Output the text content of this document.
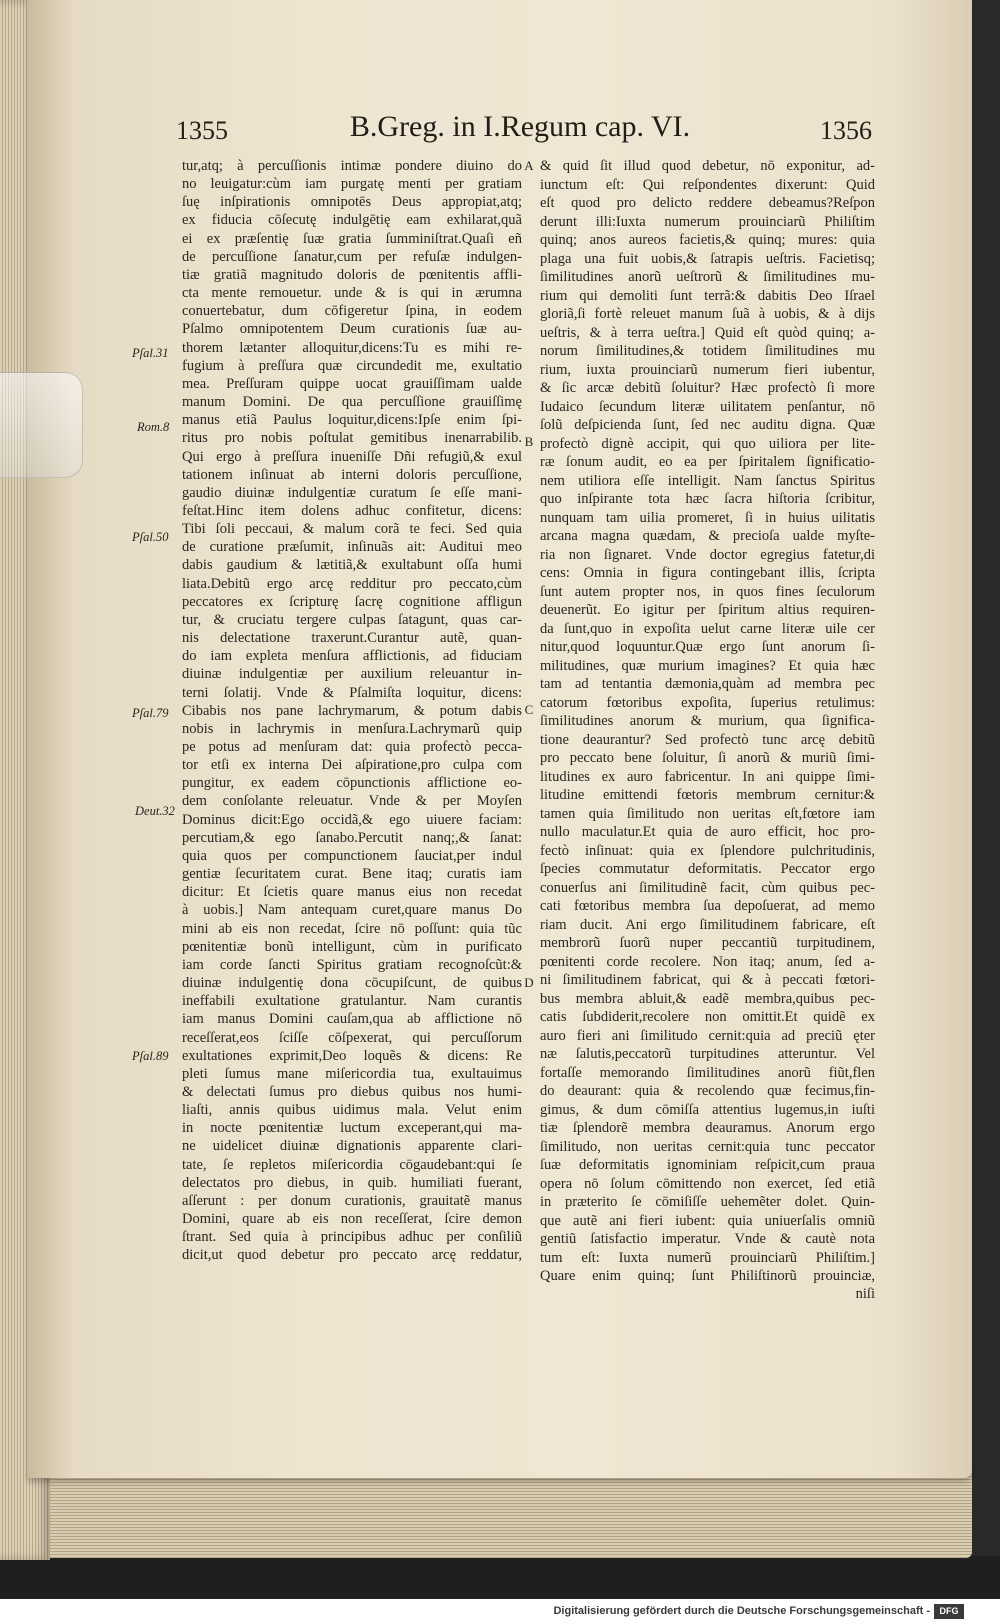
1355	B.Greg. in I.Regum cap. VI.	1356
Pſal.31
Rom.8
Pſal.50
Pſal.79
Deut.32
Pſal.89
tur,atq; à percuſſionis intimæ pondere diuino do
no leuigatur:cùm iam purgatę menti per gratiam
ſuę inſpirationis omnipotēs Deus appropiat,atq;
ex fiducia cōſecutę indulgētię eam exhilarat,quã
ei ex præſentię ſuæ gratia ſumminiſtrat.Quaſi eñ
de percuſſione ſanatur,cum per refuſæ indulgen-
tiæ gratiã magnitudo doloris de pœnitentis affli-
cta mente remouetur. unde & is qui in ærumna
conuertebatur, dum cōfigeretur ſpina, in eodem
Pſalmo omnipotentem Deum curationis ſuæ au-
thorem lætanter alloquitur,dicens:Tu es mihi re-
fugium à preſſura quæ circundedit me, exultatio
mea. Preſſuram quippe uocat grauiſſimam ualde
manum Domini. De qua percuſſione grauiſſimę
manus etiã Paulus loquitur,dicens:Ipſe enim ſpi-
ritus pro nobis poſtulat gemitibus inenarrabilib.
Qui ergo à preſſura inueniſſe Dñi refugiũ,& exul
tationem inſinuat ab interni doloris percuſſione,
gaudio diuinæ indulgentiæ curatum ſe eſſe mani-
feſtat.Hinc item dolens adhuc confitetur, dicens:
Tibi ſoli peccaui, & malum corã te feci. Sed quia
de curatione præſumit, inſinuãs ait: Auditui meo
dabis gaudium & lætitiã,& exultabunt oſſa humi
liata.Debitũ ergo arcę redditur pro peccato,cùm
peccatores ex ſcripturę ſacrę cognitione affligun
tur, & cruciatu tergere culpas ſatagunt, quas car-
nis delectatione traxerunt.Curantur autẽ, quan-
do iam expleta menſura afflictionis, ad fiduciam
diuinæ indulgentiæ per auxilium releuantur in-
terni ſolatij. Vnde & Pſalmiſta loquitur, dicens:
Cibabis nos pane lachrymarum, & potum dabis
nobis in lachrymis in menſura.Lachrymarũ quip
pe potus ad menſuram dat: quia profectò pecca-
tor etſi ex interna Dei aſpiratione,pro culpa com
pungitur, ex eadem cōpunctionis afflictione eo-
dem conſolante releuatur. Vnde & per Moyſen
Dominus dicit:Ego occidã,& ego uiuere faciam:
percutiam,& ego ſanabo.Percutit nanq;,& ſanat:
quia quos per compunctionem ſauciat,per indul
gentiæ ſecuritatem curat. Bene itaq; curatis iam
dicitur: Et ſcietis quare manus eius non recedat
à uobis.] Nam antequam curet,quare manus Do
mini ab eis non recedat, ſcire nō poſſunt: quia tũc
pœnitentiæ bonũ intelligunt, cùm in purificato
iam corde ſancti Spiritus gratiam recognoſcũt:&
diuinæ indulgentię dona cōcupiſcunt, de quibus
ineffabili exultatione gratulantur. Nam curantis
iam manus Domini cauſam,qua ab afflictione nō
receſſerat,eos ſciſſe cōſpexerat, qui percuſſorum
exultationes exprimit,Deo loquẽs & dicens: Re
pleti ſumus mane miſericordia tua, exultauimus
& delectati ſumus pro diebus quibus nos humi-
liaſti, annis quibus uidimus mala. Velut enim
in nocte pœnitentiæ luctum exceperant,qui ma-
ne uidelicet diuinæ dignationis apparente clari-
tate, ſe repletos miſericordia cōgaudebant:qui ſe
delectatos pro diebus, in quib. humiliati fuerant,
aſſerunt : per donum curationis, grauitatẽ manus
Domini, quare ab eis non receſſerat, ſcire demon
ſtrant. Sed quia à principibus adhuc per conſiliũ
dicit,ut quod debetur pro peccato arcę reddatur,
A
B
C
D
& quid ſit illud quod debetur, nō exponitur, ad-
iunctum eſt: Qui reſpondentes dixerunt: Quid
eſt quod pro delicto reddere debeamus?Reſpon
derunt illi:Iuxta numerum prouinciarũ Philiſtim
quinq; anos aureos facietis,& quinq; mures: quia
plaga una fuit uobis,& ſatrapis ueſtris. Facietisq;
ſimilitudines anorũ ueſtrorũ & ſimilitudines mu-
rium qui demoliti ſunt terrã:& dabitis Deo Iſrael
gloriã,ſi fortè releuet manum ſuã à uobis, & à dijs
ueſtris, & à terra ueſtra.] Quid eſt quòd quinq; a-
norum ſimilitudines,& totidem ſimilitudines mu
rium, iuxta prouinciarũ numerum fieri iubentur,
& ſic arcæ debitũ ſoluitur? Hæc profectò ſi more
Iudaico ſecundum literæ uilitatem penſantur, nō
ſolũ deſpicienda ſunt, ſed nec auditu digna. Quæ
profectò dignè accipit, qui quo uiliora per lite-
ræ ſonum audit, eo ea per ſpiritalem ſignificatio-
nem utiliora eſſe intelligit. Nam ſanctus Spiritus
quo inſpirante tota hæc ſacra hiſtoria ſcribitur,
nunquam tam uilia promeret, ſi in huius uilitatis
arcana magna quædam, & precioſa ualde myſte-
ria non ſignaret. Vnde doctor egregius fatetur,di
cens: Omnia in figura contingebant illis, ſcripta
ſunt autem propter nos, in quos fines ſeculorum
deuenerũt. Eo igitur per ſpiritum altius requiren-
da ſunt,quo in expoſita uelut carne literæ uile cer
nitur,quod loquuntur.Quæ ergo ſunt anorum ſi-
militudines, quæ murium imagines? Et quia hæc
tam ad tentantia dæmonia,quàm ad membra pec
catorum fœtoribus expoſita, ſuperius retulimus:
ſimilitudines anorum & murium, qua ſignifica-
tione deaurantur? Sed profectò tunc arcę debitũ
pro peccato bene ſoluitur, ſi anorũ & muriũ ſimi-
litudines ex auro fabricentur. In ani quippe ſimi-
litudine emittendi fœtoris membrum cernitur:&
tamen quia ſimilitudo non ueritas eſt,fœtore iam
nullo maculatur.Et quia de auro efficit, hoc pro-
fectò inſinuat: quia ex ſplendore pulchritudinis,
ſpecies commutatur deformitatis. Peccator ergo
conuerſus ani ſimilitudinẽ facit, cùm quibus pec-
cati fœtoribus membra ſua depoſuerat, ad memo
riam ducit. Ani ergo ſimilitudinem fabricare, eſt
membrorũ ſuorũ nuper peccantiũ turpitudinem,
pœnitenti corde recolere. Non itaq; anum, ſed a-
ni ſimilitudinem fabricat, qui & à peccati fœtori-
bus membra abluit,& eadẽ membra,quibus pec-
catis ſubdiderit,recolere non omittit.Et quidẽ ex
auro fieri ani ſimilitudo cernit:quia ad preciũ ęter
næ ſalutis,peccatorũ turpitudines atteruntur. Vel
fortaſſe memorando ſimilitudines anorũ fiũt,flen
do deaurant: quia & recolendo quæ fecimus,fin-
gimus, & dum cōmiſſa attentius lugemus,in iuſti
tiæ ſplendorẽ membra deauramus. Anorum ergo
ſimilitudo, non ueritas cernit:quia tunc peccator
ſuæ deformitatis ignominiam reſpicit,cum praua
opera nō ſolum cōmittendo non exercet, ſed etiã
in præterito ſe cōmiſiſſe uehemẽter dolet. Quin-
que autẽ ani fieri iubent: quia uniuerſalis omniũ
gentiũ ſatisfactio imperatur. Vnde & cautè nota
tum eſt: Iuxta numerũ prouinciarũ Philiſtim.]
Quare enim quinq; ſunt Philiſtinorũ prouinciæ,
niſi
Digitalisierung gefördert durch die Deutsche Forschungsgemeinschaft -	DFG
